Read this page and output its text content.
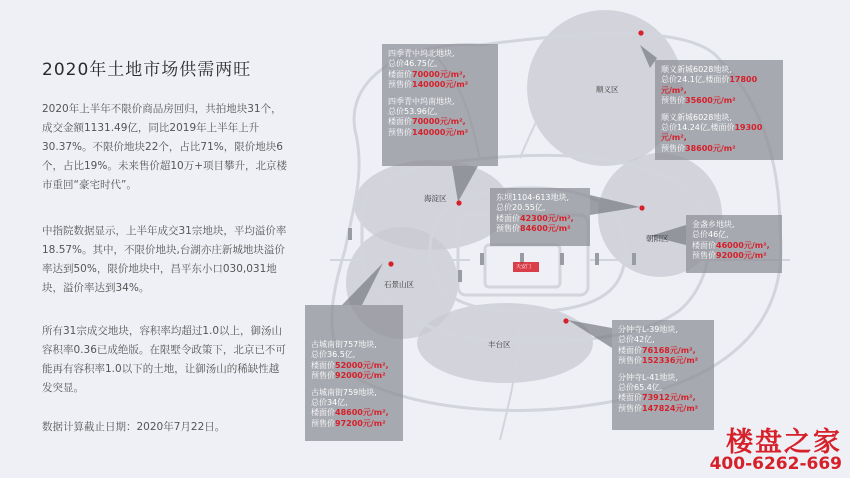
2020年土地市场供需两旺
2020年上半年不限价商品房回归，共拍地块31个，成交金额1131.49亿，同比2019年上半年上升30.37%。不限价地块22个，占比71%，限价地块6个，占比19%。未来售价超10万+项目攀升，北京楼市重回“豪宅时代”。
中指院数据显示，上半年成交31宗地块，平均溢价率18.57%。其中，不限价地块,台湖亦庄新城地块溢价率达到50%，限价地块中，昌平东小口030,031地块，溢价率达到34%。
所有31宗成交地块，容积率均超过1.0以上，御汤山容积率0.36已成绝版。在限墅令政策下，北京已不可能再有容积率1.0以下的土地，让御汤山的稀缺性越发突显。
数据计算截止日期：2020年7月22日。
顺义区
海淀区
朝阳区
石景山区
丰台区
天安门
四季青中坞北地块,
总价46.75亿,
楼面价70000元/m²,
预售价140000元/m²
四季青中坞南地块,
总价53.96亿,
楼面价70000元/m²,
预售价140000元/m²
顺义新城6028地块,
总价24.1亿,楼面价17800元/m²,
预售价35600元/m²
顺义新城6028地块,
总价14.24亿,楼面价19300元/m²,
预售价38600元/m²
东坝1104-613地块,
总价20.55亿,
楼面价42300元/m²,
预售价84600元/m²	金盏乡地块,
总价46亿,
楼面价46000元/m²,
预售价92000元/m²
古城南街757地块,
总价36.5亿,
楼面价52000元/m²,
预售价92000元/m²
古城南街759地块,
总价34亿,
楼面价48600元/m²,
预售价97200元/m²
分钟寺L-39地块,
总价42亿,
楼面价76168元/m²,
预售价152336元/m²
分钟寺L-41地块,
总价65.4亿,
楼面价73912元/m²,
预售价147824元/m²
楼盘之家
400-6262-669
